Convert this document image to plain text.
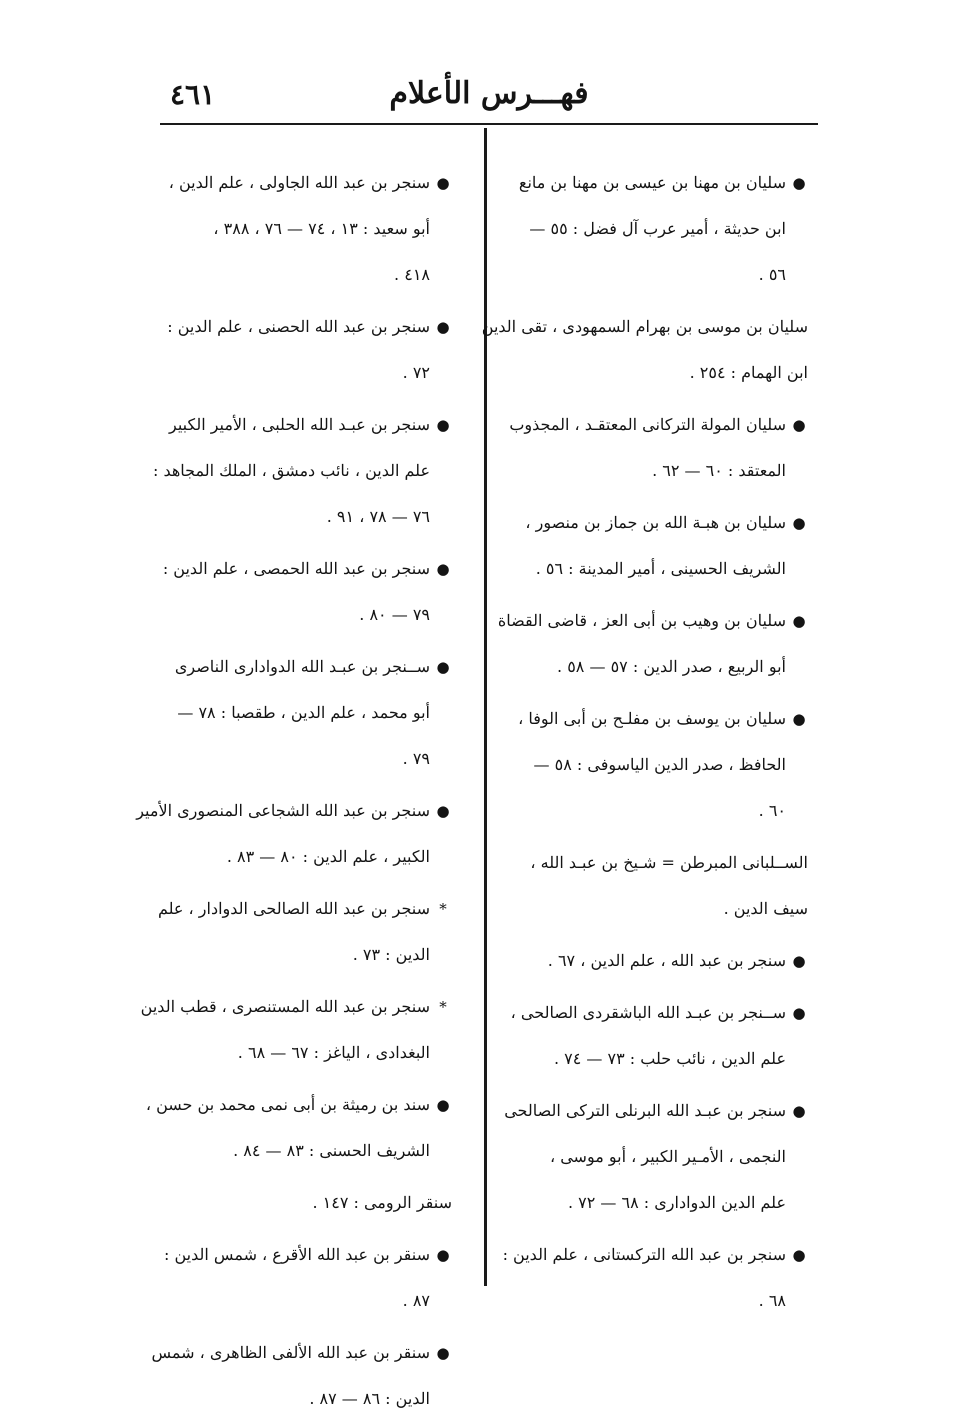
فهـــرس الأعلام
٤٦١
●
سليان بن مهنا بن عيسى بن مهنا بن مانع
ابن حديثة ، أمير عرب آل فضل : ٥٥ —
٥٦ .
سليان بن موسى بن بهرام السمهودى ، تقى الدين
ابن الهمام : ٢٥٤ .
●
سليان المولة التركانى المعتقـد ، المجذوب
المعتقد : ٦٠ — ٦٢ .
●
سليان بن هبـة الله بن جماز بن منصور ،
الشريف الحسينى ، أمير المدينة : ٥٦ .
●
سليان بن وهيب بن أبى العز ، قاضى القضاة
أبو الربيع ، صدر الدين : ٥٧ — ٥٨ .
●
سليان بن يوسف بن مفلـح بن أبى الوفا ،
الحافظ ، صدر الدين الياسوفى : ٥٨ —
٦٠ .
الســلبانى المبرطن = شـيخ بن عبـد الله ،
سيف الدين .
●
سنجر بن عبد الله ، علم الدين ، ٦٧ .
●
ســنجر بن عبـد الله الباشقردى الصالحى ،
علم الدين ، نائب حلب : ٧٣ — ٧٤ .
●
سنجر بن عبـد الله البرنلى التركى الصالحى
النجمى ، الأمـير الكبير ، أبو موسى ،
علم الدين الدوادارى : ٦٨ — ٧٢ .
●
سنجر بن عبد الله التركستانى ، علم الدين :
٦٨ .
●
سنجر بن عبد الله الجاولى ، علم الدين ،
أبو سعيد : ١٣ ، ٧٤ — ٧٦ ، ٣٨٨ ،
٤١٨ .
●
سنجر بن عبد الله الحصنى ، علم الدين :
٧٢ .
●
سنجر بن عبـد الله الحلبى ، الأمير الكبير
علم الدين ، نائب دمشق ، الملك المجاهد :
٧٦ — ٧٨ ، ٩١ .
●
سنجر بن عبد الله الحمصى ، علم الدين :
٧٩ — ٨٠ .
●
ســنجر بن عبـد الله الدوادارى الناصرى
أبو محمد ، علم الدين ، طقصبا : ٧٨ —
٧٩ .
●
سنجر بن عبد الله الشجاعى المنصورى الأمير
الكبير ، علم الدين : ٨٠ — ٨٣ .
*
سنجر بن عبد الله الصالحى الدوادار ، علم
الدين : ٧٣ .
*
سنجر بن عبد الله المستنصرى ، قطب الدين
البغدادى ، الياغز : ٦٧ — ٦٨ .
●
سند بن رميثة بن أبى نمى محمد بن حسن ،
الشريف الحسنى : ٨٣ — ٨٤ .
سنقر الرومى : ١٤٧ .
●
سنقر بن عبد الله الأقرع ، شمس الدين :
٨٧ .
●
سنقر بن عبد الله الألفى الظاهرى ، شمس
الدين : ٨٦ — ٨٧ .
